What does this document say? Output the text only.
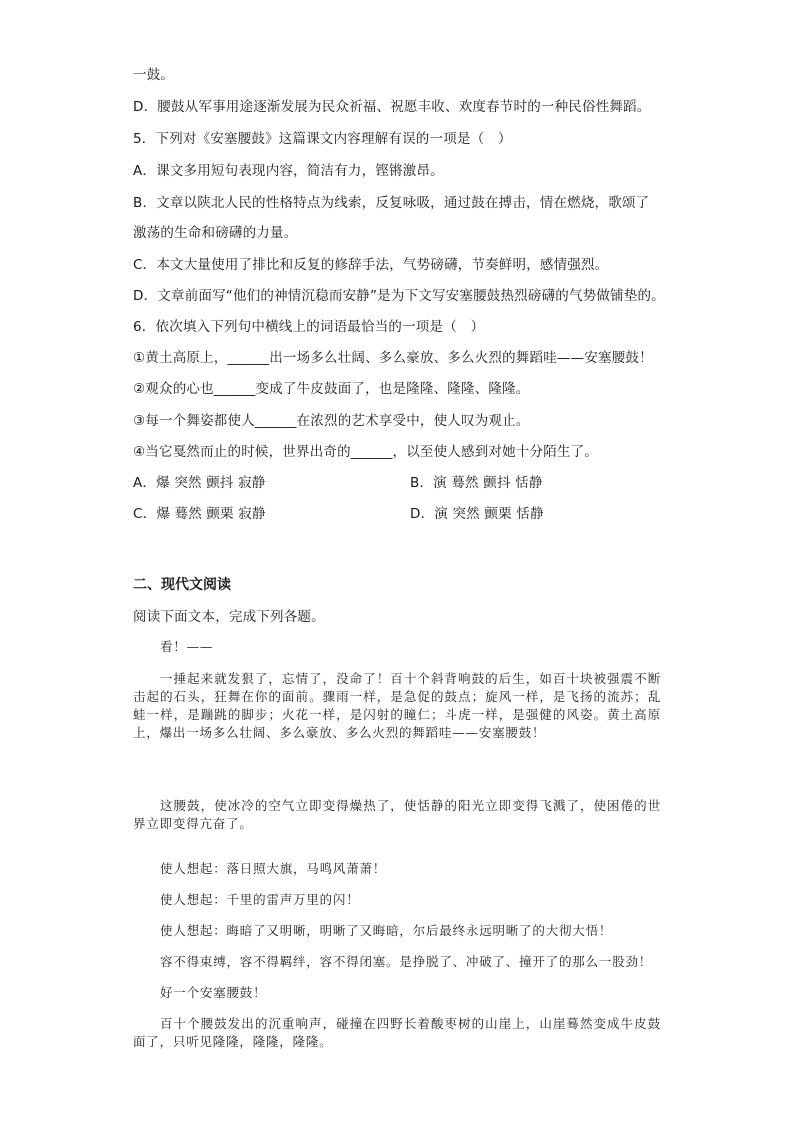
一鼓。
D．腰鼓从军事用途逐渐发展为民众祈福、祝愿丰收、欢度春节时的一种民俗性舞蹈。
5．下列对《安塞腰鼓》这篇课文内容理解有误的一项是（　）
A．课文多用短句表现内容，简洁有力，铿锵激昂。
B．文章以陕北人民的性格特点为线索，反复咏吸，通过鼓在搏击，情在燃烧，歌颂了
激荡的生命和磅礴的力量。
C．本文大量使用了排比和反复的修辞手法，气势磅礴，节奏鲜明，感情强烈。
D．文章前面写“他们的神情沉稳而安静”是为下文写安塞腰鼓热烈磅礴的气势做铺垫的。
6．依次填入下列句中横线上的词语最恰当的一项是（　）
①黄土高原上，______出一场多么壮阔、多么豪放、多么火烈的舞蹈哇——安塞腰鼓！
②观众的心也______变成了牛皮鼓面了，也是隆隆、隆隆、隆隆。
③每一个舞姿都使人______在浓烈的艺术享受中，使人叹为观止。
④当它戛然而止的时候，世界出奇的______，以至使人感到对她十分陌生了。
A．爆 突然 颤抖 寂静	B．演 蓦然 颤抖 恬静
C．爆 蓦然 颤栗 寂静	D．演 突然 颤栗 恬静
二、现代文阅读
阅读下面文本，完成下列各题。
看！——
一捶起来就发狠了，忘情了，没命了！百十个斜背响鼓的后生，如百十块被强震不断击起的石头，狂舞在你的面前。骤雨一样，是急促的鼓点；旋风一样，是飞扬的流苏；乱蛙一样，是蹦跳的脚步；火花一样，是闪射的瞳仁；斗虎一样，是强健的风姿。黄土高原上，爆出一场多么壮阔、多么豪放、多么火烈的舞蹈哇——安塞腰鼓！
这腰鼓，使冰冷的空气立即变得燥热了，使恬静的阳光立即变得飞溅了，使困倦的世界立即变得亢奋了。
使人想起：落日照大旗，马鸣风萧萧！
使人想起：千里的雷声万里的闪！
使人想起：晦暗了又明晰，明晰了又晦暗，尔后最终永远明晰了的大彻大悟！
容不得束缚，容不得羁绊，容不得闭塞。是挣脱了、冲破了、撞开了的那么一股劲！
好一个安塞腰鼓！
百十个腰鼓发出的沉重响声，碰撞在四野长着酸枣树的山崖上，山崖蓦然变成牛皮鼓面了，只听见隆隆，隆隆，隆隆。
